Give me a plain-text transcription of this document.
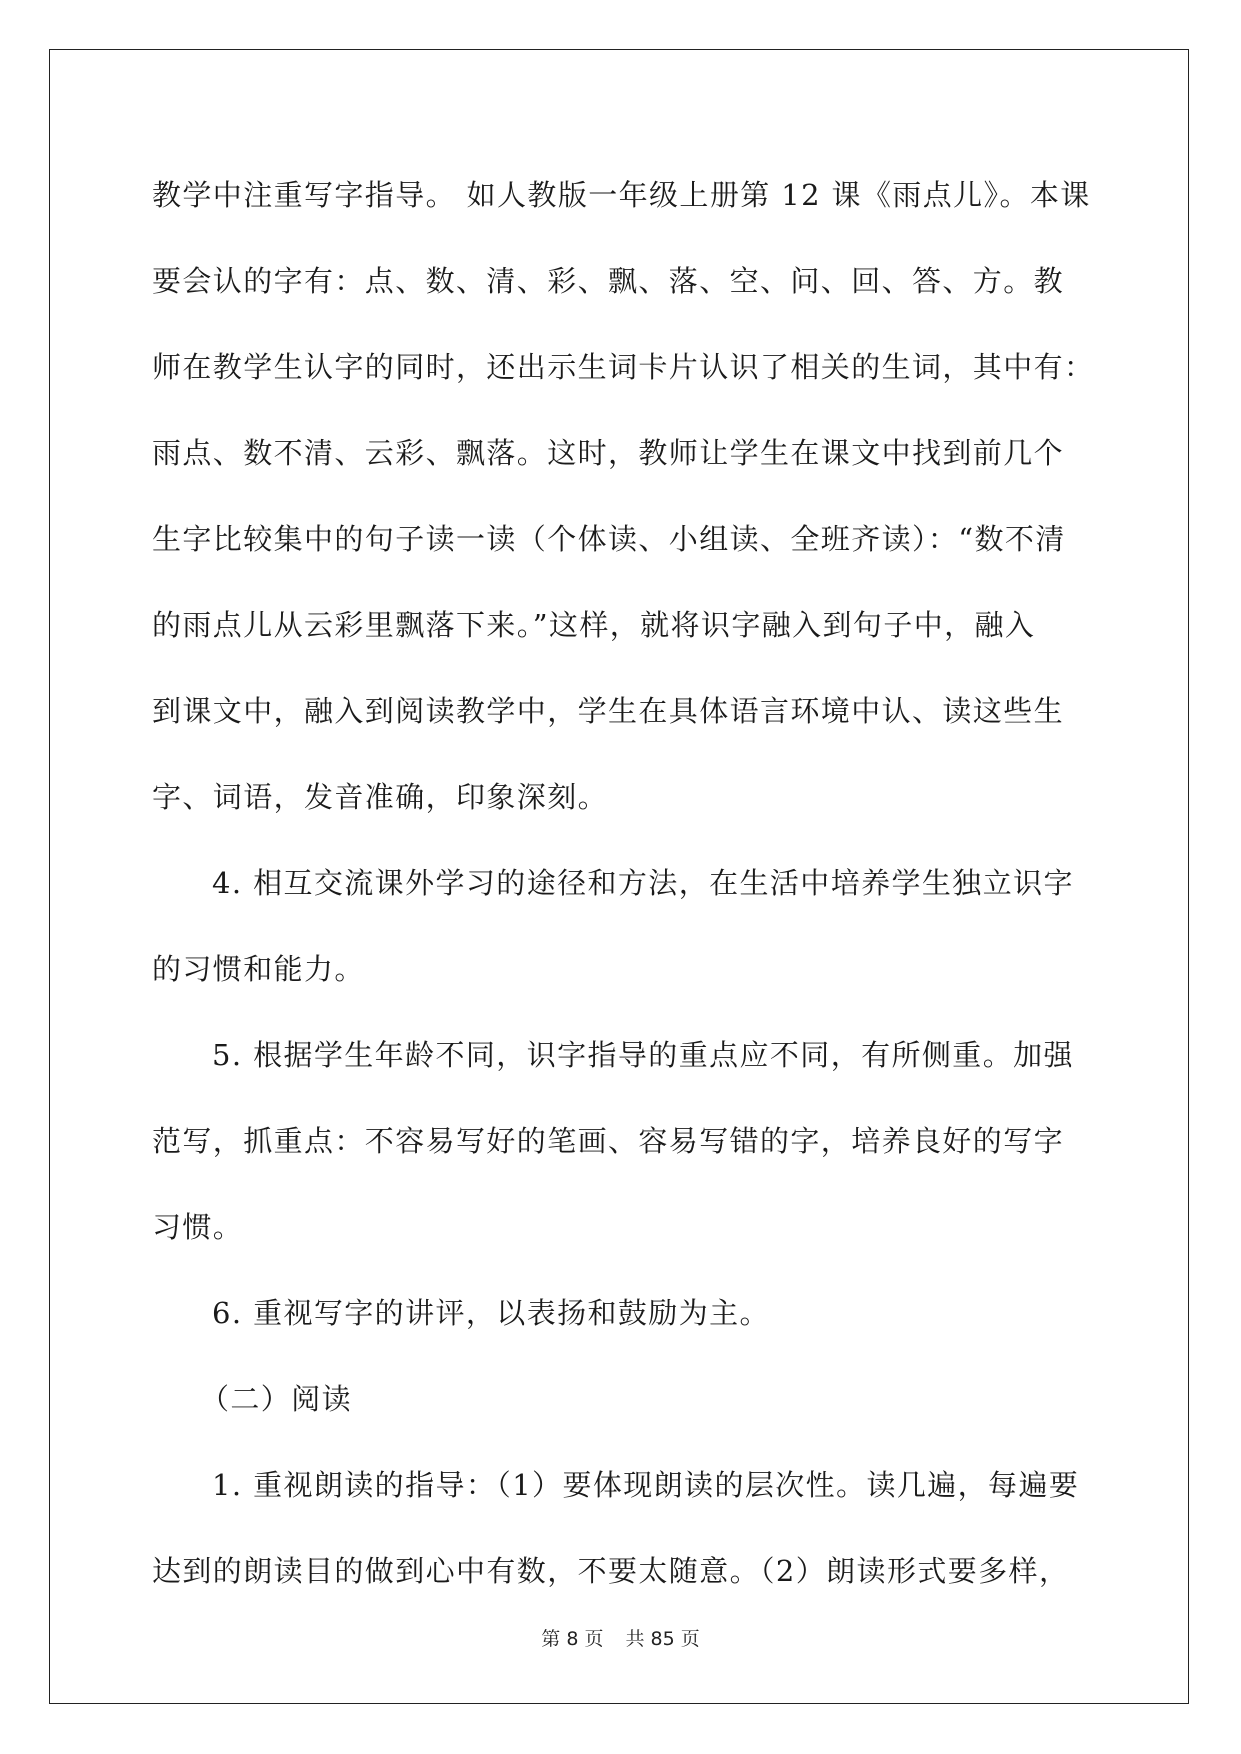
教学中注重写字指导。 如人教版一年级上册第 12 课《雨点儿》。本课
要会认的字有：点、数、清、彩、飘、落、空、问、回、答、方。教
师在教学生认字的同时，还出示生词卡片认识了相关的生词，其中有：
雨点、数不清、云彩、飘落。这时，教师让学生在课文中找到前几个
生字比较集中的句子读一读（个体读、小组读、全班齐读）：“数不清
的雨点儿从云彩里飘落下来。”这样，就将识字融入到句子中，融入
到课文中，融入到阅读教学中，学生在具体语言环境中认、读这些生
字、词语，发音准确，印象深刻。
4. 相互交流课外学习的途径和方法，在生活中培养学生独立识字
的习惯和能力。
5. 根据学生年龄不同，识字指导的重点应不同，有所侧重。加强
范写，抓重点：不容易写好的笔画、容易写错的字，培养良好的写字
习惯。
6. 重视写字的讲评，以表扬和鼓励为主。
（二）阅读
1. 重视朗读的指导：（1）要体现朗读的层次性。读几遍，每遍要
达到的朗读目的做到心中有数，不要太随意。（2）朗读形式要多样，
第 8 页 共 85 页
